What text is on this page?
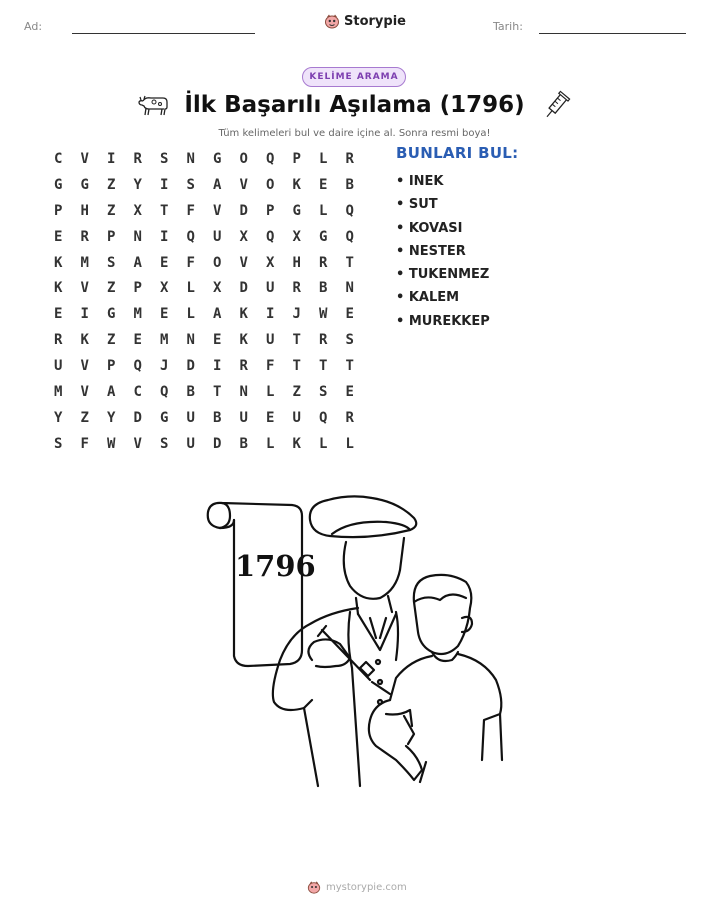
Ad:	Tarih:
Storypie
KELİME ARAMA
İlk Başarılı Aşılama (1796)
Tüm kelimeleri bul ve daire içine al. Sonra resmi boya!
C	V	I	R	S	N	G	O	Q	P	L	R
G	G	Z	Y	I	S	A	V	O	K	E	B
P	H	Z	X	T	F	V	D	P	G	L	Q
E	R	P	N	I	Q	U	X	Q	X	G	Q
K	M	S	A	E	F	O	V	X	H	R	T
K	V	Z	P	X	L	X	D	U	R	B	N
E	I	G	M	E	L	A	K	I	J	W	E
R	K	Z	E	M	N	E	K	U	T	R	S
U	V	P	Q	J	D	I	R	F	T	T	T
M	V	A	C	Q	B	T	N	L	Z	S	E
Y	Z	Y	D	G	U	B	U	E	U	Q	R
S	F	W	V	S	U	D	B	L	K	L	L
BUNLARI BUL:
• INEK
• SUT
• KOVASI
• NESTER
• TUKENMEZ
• KALEM
• MUREKKEP
1796
mystorypie.com
